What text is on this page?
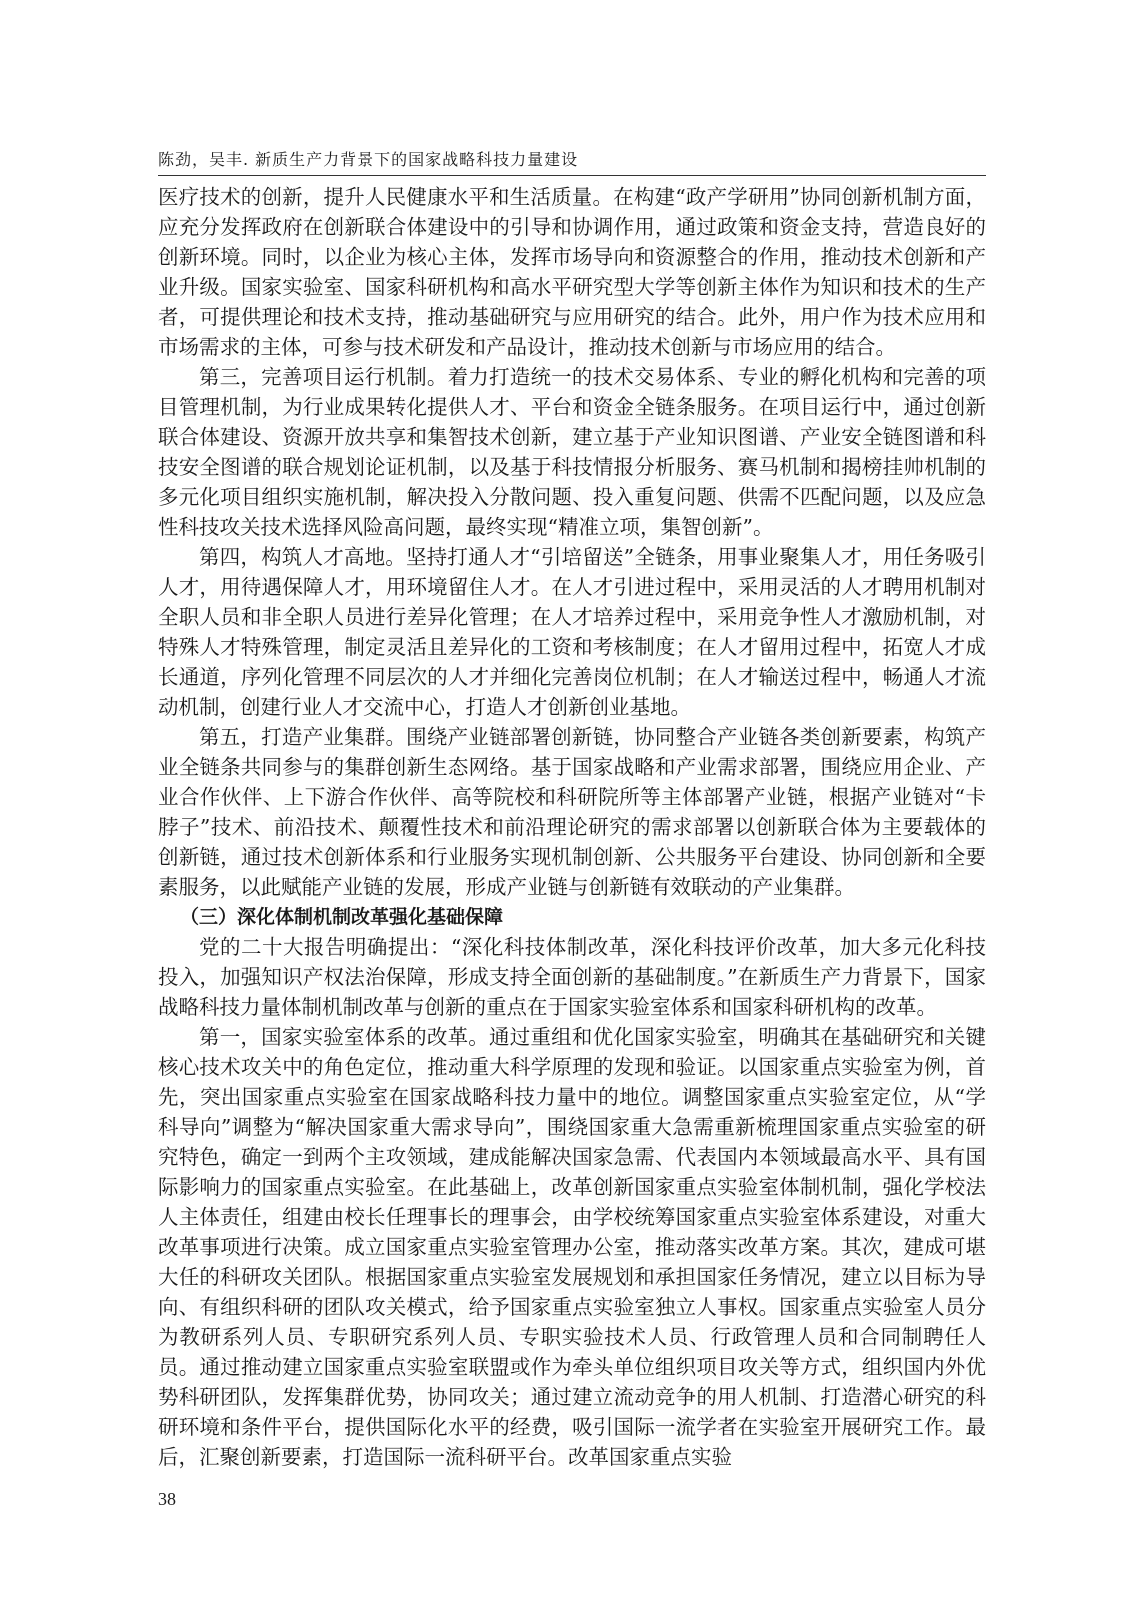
陈劲，吴丰. 新质生产力背景下的国家战略科技力量建设

医疗技术的创新，提升人民健康水平和生活质量。在构建“政产学研用”协同创新机制方面，应充分发挥政府在创新联合体建设中的引导和协调作用，通过政策和资金支持，营造良好的创新环境。同时，以企业为核心主体，发挥市场导向和资源整合的作用，推动技术创新和产业升级。国家实验室、国家科研机构和高水平研究型大学等创新主体作为知识和技术的生产者，可提供理论和技术支持，推动基础研究与应用研究的结合。此外，用户作为技术应用和市场需求的主体，可参与技术研发和产品设计，推动技术创新与市场应用的结合。

第三，完善项目运行机制。着力打造统一的技术交易体系、专业的孵化机构和完善的项目管理机制，为行业成果转化提供人才、平台和资金全链条服务。在项目运行中，通过创新联合体建设、资源开放共享和集智技术创新，建立基于产业知识图谱、产业安全链图谱和科技安全图谱的联合规划论证机制，以及基于科技情报分析服务、赛马机制和揭榜挂帅机制的多元化项目组织实施机制，解决投入分散问题、投入重复问题、供需不匹配问题，以及应急性科技攻关技术选择风险高问题，最终实现“精准立项，集智创新”。

第四，构筑人才高地。坚持打通人才“引培留送”全链条，用事业聚集人才，用任务吸引人才，用待遇保障人才，用环境留住人才。在人才引进过程中，采用灵活的人才聘用机制对全职人员和非全职人员进行差异化管理；在人才培养过程中，采用竞争性人才激励机制，对特殊人才特殊管理，制定灵活且差异化的工资和考核制度；在人才留用过程中，拓宽人才成长通道，序列化管理不同层次的人才并细化完善岗位机制；在人才输送过程中，畅通人才流动机制，创建行业人才交流中心，打造人才创新创业基地。

第五，打造产业集群。围绕产业链部署创新链，协同整合产业链各类创新要素，构筑产业全链条共同参与的集群创新生态网络。基于国家战略和产业需求部署，围绕应用企业、产业合作伙伴、上下游合作伙伴、高等院校和科研院所等主体部署产业链，根据产业链对“卡脖子”技术、前沿技术、颠覆性技术和前沿理论研究的需求部署以创新联合体为主要载体的创新链，通过技术创新体系和行业服务实现机制创新、公共服务平台建设、协同创新和全要素服务，以此赋能产业链的发展，形成产业链与创新链有效联动的产业集群。

（三）深化体制机制改革强化基础保障

党的二十大报告明确提出：“深化科技体制改革，深化科技评价改革，加大多元化科技投入，加强知识产权法治保障，形成支持全面创新的基础制度。”在新质生产力背景下，国家战略科技力量体制机制改革与创新的重点在于国家实验室体系和国家科研机构的改革。

第一，国家实验室体系的改革。通过重组和优化国家实验室，明确其在基础研究和关键核心技术攻关中的角色定位，推动重大科学原理的发现和验证。以国家重点实验室为例，首先，突出国家重点实验室在国家战略科技力量中的地位。调整国家重点实验室定位，从“学科导向”调整为“解决国家重大需求导向”，围绕国家重大急需重新梳理国家重点实验室的研究特色，确定一到两个主攻领域，建成能解决国家急需、代表国内本领域最高水平、具有国际影响力的国家重点实验室。在此基础上，改革创新国家重点实验室体制机制，强化学校法人主体责任，组建由校长任理事长的理事会，由学校统筹国家重点实验室体系建设，对重大改革事项进行决策。成立国家重点实验室管理办公室，推动落实改革方案。其次，建成可堪大任的科研攻关团队。根据国家重点实验室发展规划和承担国家任务情况，建立以目标为导向、有组织科研的团队攻关模式，给予国家重点实验室独立人事权。国家重点实验室人员分为教研系列人员、专职研究系列人员、专职实验技术人员、行政管理人员和合同制聘任人员。通过推动建立国家重点实验室联盟或作为牵头单位组织项目攻关等方式，组织国内外优势科研团队，发挥集群优势，协同攻关；通过建立流动竞争的用人机制、打造潜心研究的科研环境和条件平台，提供国际化水平的经费，吸引国际一流学者在实验室开展研究工作。最后，汇聚创新要素，打造国际一流科研平台。改革国家重点实验

38
